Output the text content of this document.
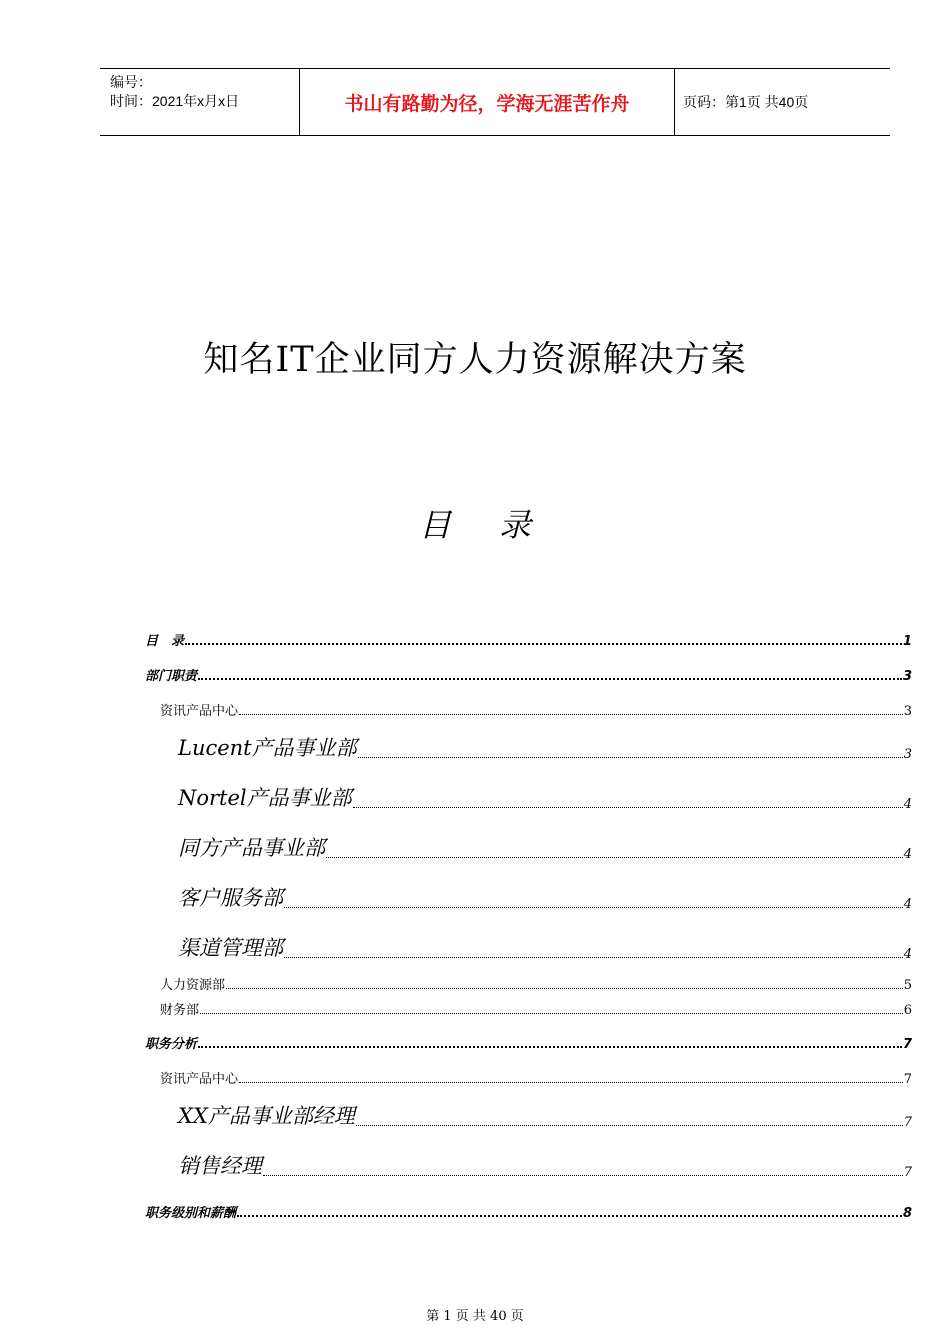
编号：
时间：2021年x月x日	书山有路勤为径，学海无涯苦作舟	页码：第1页 共40页
知名IT企业同方人力资源解决方案
目 录
目　录	1
部门职责	3
资讯产品中心	3
Lucent产品事业部	3
Nortel产品事业部	4
同方产品事业部	4
客户服务部	4
渠道管理部	4
人力资源部	5
财务部	6
职务分析	7
资讯产品中心	7
XX产品事业部经理	7
销售经理	7
职务级别和薪酬	8
第 1 页 共 40 页
